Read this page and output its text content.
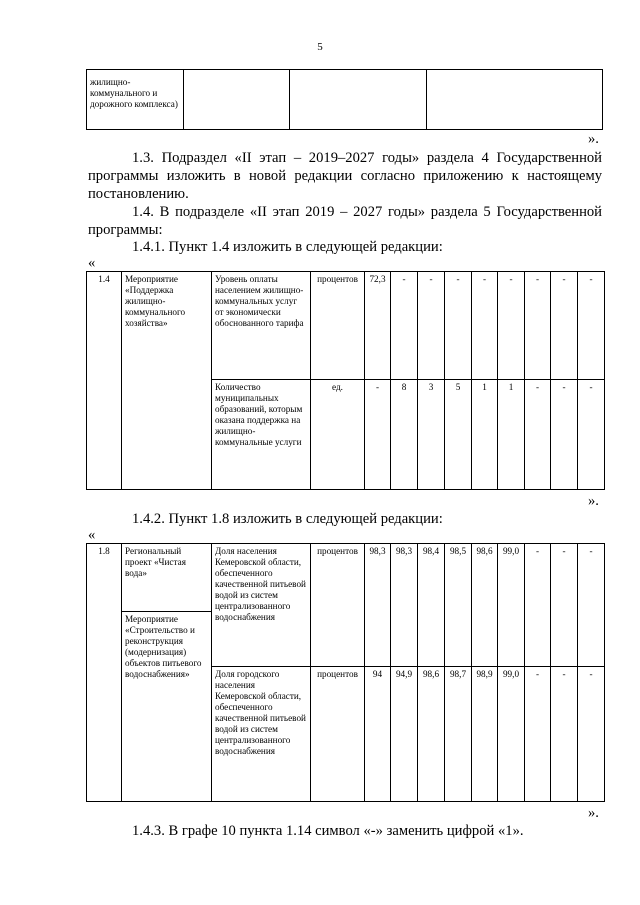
5
жилищно-коммунального и дорожного комплекса)			
».
1.3. Подраздел «II этап – 2019–2027 годы» раздела 4 Государственной программы изложить в новой редакции согласно приложению к настоящему постановлению.
1.4. В подразделе «II этап 2019 – 2027 годы» раздела 5 Государственной программы:
1.4.1. Пункт 1.4 изложить в следующей редакции:
«
1.4	Мероприятие «Поддержка жилищно-коммунального хозяйства»	Уровень оплаты населением жилищно-коммунальных услуг от экономически обоснованного тарифа	процентов	72,3	-	-	-	-	-	-	-	-
		Количество муниципальных образований, которым оказана поддержка на жилищно-коммунальные услуги	ед.	-	8	3	5	1	1	-	-	-
».
1.4.2. Пункт 1.8 изложить в следующей редакции:
«
1.8	Региональный проект «Чистая вода»	Доля населения Кемеровской области, обеспеченного качественной питьевой водой из систем централизованного водоснабжения	процентов	98,3	98,3	98,4	98,5	98,6	99,0	-	-	-
	Мероприятие «Строительство и реконструкция (модернизация) объектов питьевого водоснабжения»											
		Доля городского населения Кемеровской области, обеспеченного качественной питьевой водой из систем централизованного водоснабжения	процентов	94	94,9	98,6	98,7	98,9	99,0	-	-	-
».
1.4.3. В графе 10 пункта 1.14 символ «-» заменить цифрой «1».
